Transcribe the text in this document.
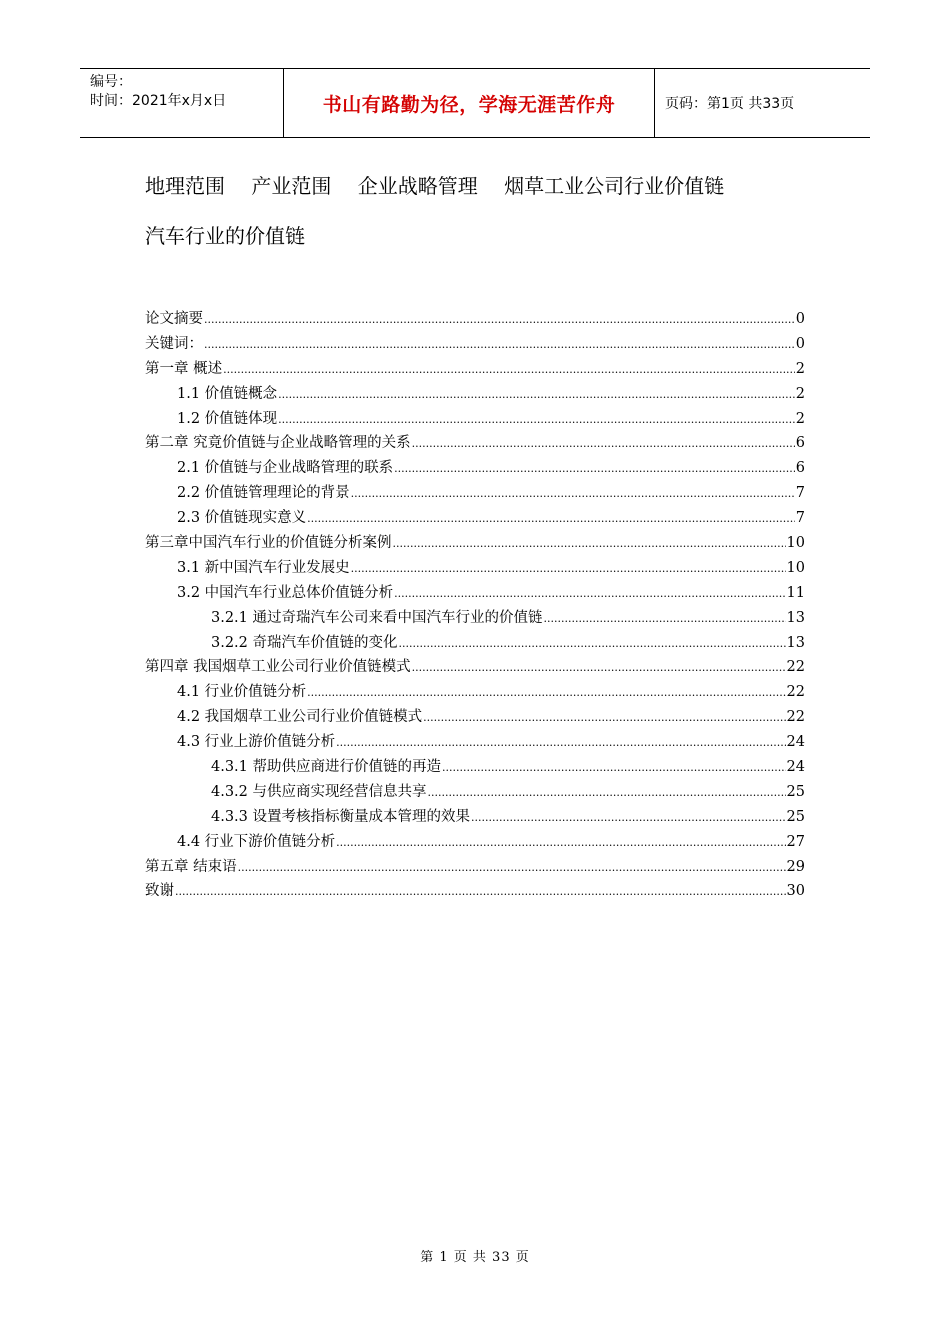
编号：
时间：2021年x月x日	书山有路勤为径，学海无涯苦作舟	页码：第1页 共33页
地理范围 产业范围 企业战略管理 烟草工业公司行业价值链
汽车行业的价值链
论文摘要 .....	0
关键词： .....	0
第一章 概述 .....	2
1.1 价值链概念 .....	2
1.2 价值链体现 .....	2
第二章 究竟价值链与企业战略管理的关系 .....	6
2.1 价值链与企业战略管理的联系 .....	6
2.2 价值链管理理论的背景 .....	7
2.3 价值链现实意义 .....	7
第三章中国汽车行业的价值链分析案例 .....	10
3.1 新中国汽车行业发展史 .....	10
3.2 中国汽车行业总体价值链分析 .....	11
3.2.1 通过奇瑞汽车公司来看中国汽车行业的价值链 .....	13
3.2.2 奇瑞汽车价值链的变化 .....	13
第四章 我国烟草工业公司行业价值链模式 .....	22
4.1 行业价值链分析 .....	22
4.2 我国烟草工业公司行业价值链模式 .....	22
4.3 行业上游价值链分析 .....	24
4.3.1 帮助供应商进行价值链的再造 .....	24
4.3.2 与供应商实现经营信息共享 .....	25
4.3.3 设置考核指标衡量成本管理的效果 .....	25
4.4 行业下游价值链分析 .....	27
第五章 结束语 .....	29
致谢 .....	30
第 1 页 共 33 页
